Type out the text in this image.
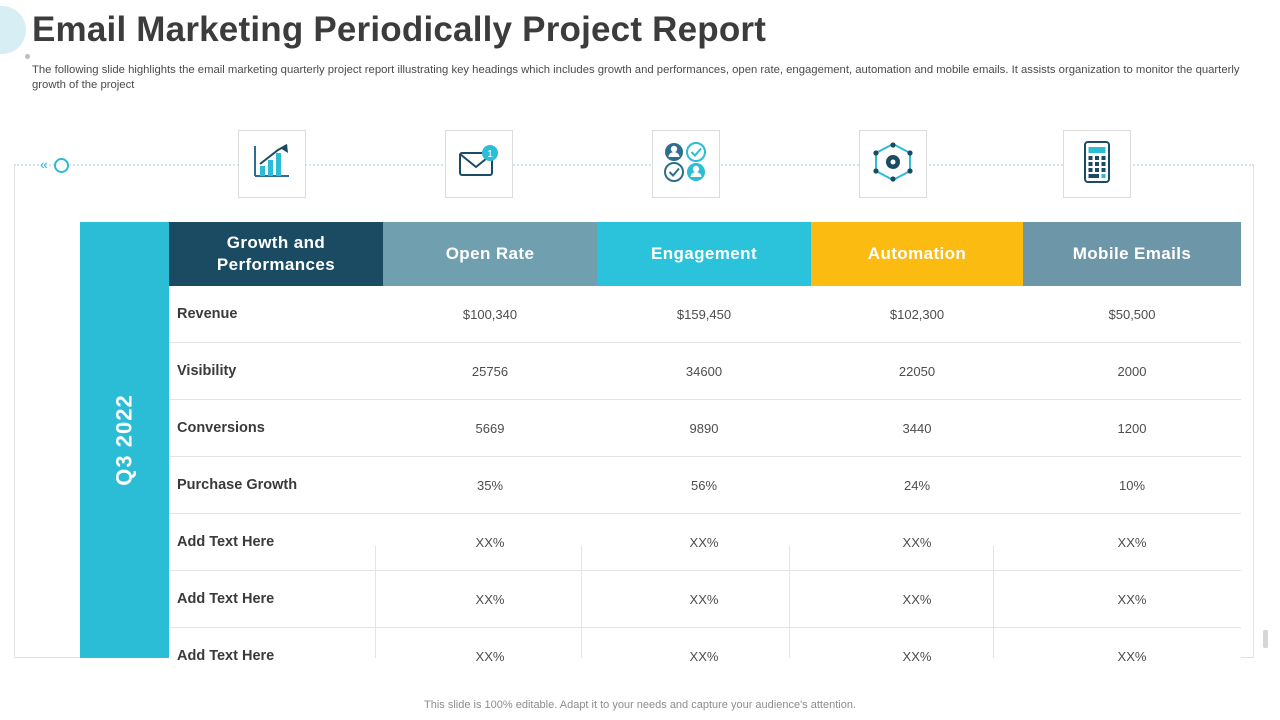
Email Marketing Periodically Project Report
The following slide highlights the email marketing quarterly project report illustrating key headings which includes growth and performances, open rate, engagement, automation and mobile emails. It assists organization to monitor the quarterly growth of the project
«
1
Q3 2022
Growth and Performances	Open Rate	Engagement	Automation	Mobile Emails
Revenue	$100,340	$159,450	$102,300	$50,500
Visibility	25756	34600	22050	2000
Conversions	5669	9890	3440	1200
Purchase Growth	35%	56%	24%	10%
Add Text Here	XX%	XX%	XX%	XX%
Add Text Here	XX%	XX%	XX%	XX%
Add Text Here	XX%	XX%	XX%	XX%
This slide is 100% editable. Adapt it to your needs and capture your audience's attention.
